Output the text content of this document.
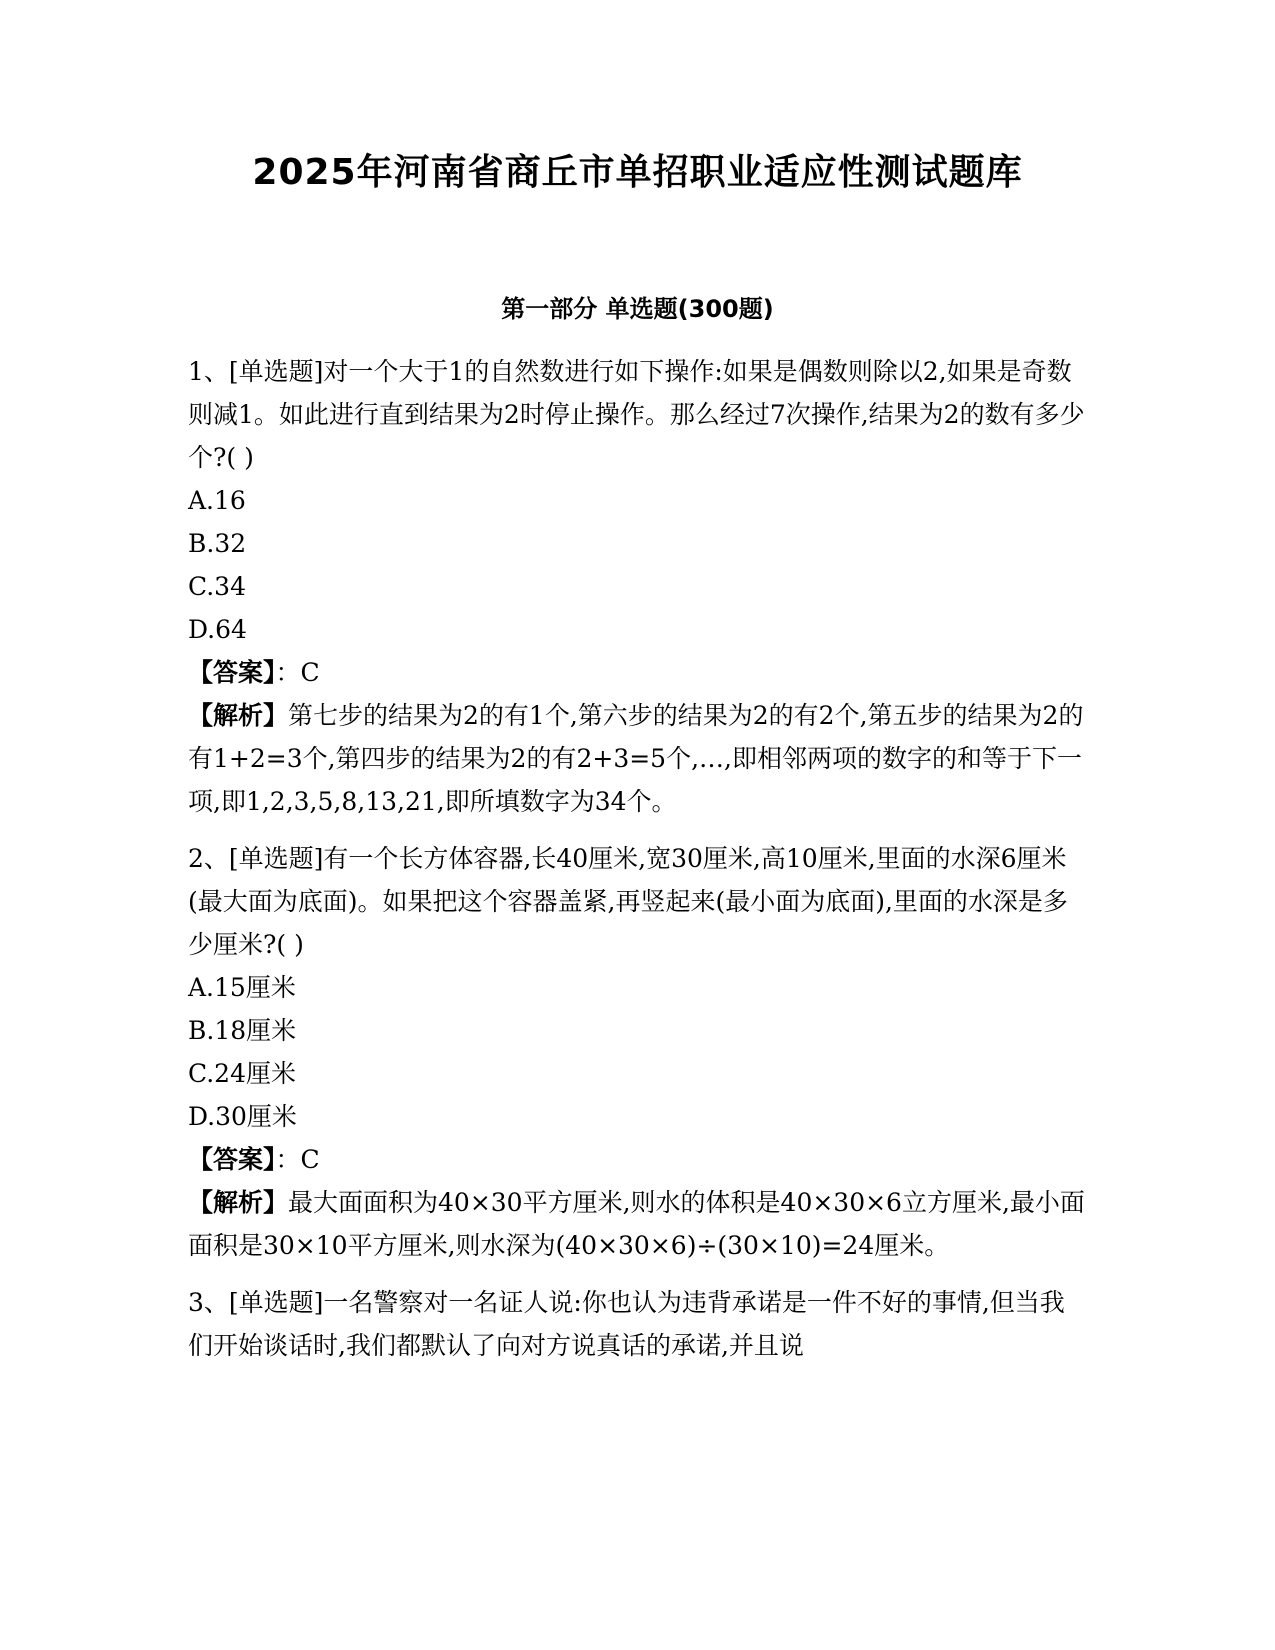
2025年河南省商丘市单招职业适应性测试题库
第一部分 单选题(300题)

1、[单选题]对一个大于1的自然数进行如下操作:如果是偶数则除以2,如果是奇数则减1。如此进行直到结果为2时停止操作。那么经过7次操作,结果为2的数有多少个?( )

A.16

B.32

C.34

D.64

【答案】：C

【解析】第七步的结果为2的有1个,第六步的结果为2的有2个,第五步的结果为2的有1+2=3个,第四步的结果为2的有2+3=5个,…,即相邻两项的数字的和等于下一项,即1,2,3,5,8,13,21,即所填数字为34个。

2、[单选题]有一个长方体容器,长40厘米,宽30厘米,高10厘米,里面的水深6厘米(最大面为底面)。如果把这个容器盖紧,再竖起来(最小面为底面),里面的水深是多少厘米?( )

A.15厘米

B.18厘米

C.24厘米

D.30厘米

【答案】：C

【解析】最大面面积为40×30平方厘米,则水的体积是40×30×6立方厘米,最小面面积是30×10平方厘米,则水深为(40×30×6)÷(30×10)=24厘米。

3、[单选题]一名警察对一名证人说:你也认为违背承诺是一件不好的事情,但当我们开始谈话时,我们都默认了向对方说真话的承诺,并且说
